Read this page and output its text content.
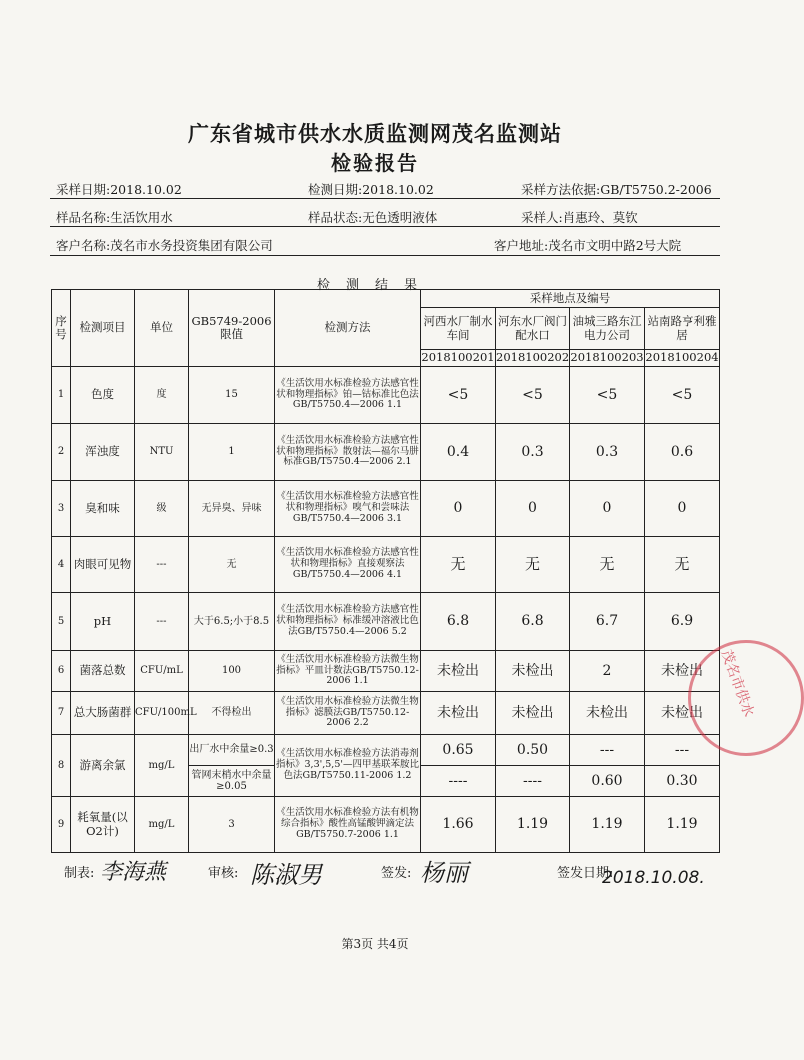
广东省城市供水水质监测网茂名监测站
检验报告
采样日期:2018.10.02	检测日期:2018.10.02	采样方法依据:GB/T5750.2-2006
样品名称:生活饮用水	样品状态:无色透明液体	采样人:肖惠玲、莫钦
客户名称:茂名市水务投资集团有限公司	客户地址:茂名市文明中路2号大院
检测结果
序号	检测项目	单位	GB5749-2006限值	检测方法	采样地点及编号			
					河西水厂制水车间	河东水厂阀门配水口	油城三路东江电力公司	站南路亨利雅居
					2018100201	2018100202	2018100203	2018100204
1	色度	度	15	《生活饮用水标准检验方法感官性状和物理指标》铂—钴标准比色法GB/T5750.4—2006 1.1	<5	<5	<5	<5
2	浑浊度	NTU	1	《生活饮用水标准检验方法感官性状和物理指标》散射法—福尔马肼标准GB/T5750.4—2006 2.1	0.4	0.3	0.3	0.6
3	臭和味	级	无异臭、异味	《生活饮用水标准检验方法感官性状和物理指标》嗅气和尝味法GB/T5750.4—2006 3.1	0	0	0	0
4	肉眼可见物	---	无	《生活饮用水标准检验方法感官性状和物理指标》直接观察法GB/T5750.4—2006 4.1	无	无	无	无
5	pH	---	大于6.5;小于8.5	《生活饮用水标准检验方法感官性状和物理指标》标准缓冲溶液比色法GB/T5750.4—2006 5.2	6.8	6.8	6.7	6.9
6	菌落总数	CFU/mL	100	《生活饮用水标准检验方法微生物指标》平皿计数法GB/T5750.12-2006 1.1	未检出	未检出	2	未检出
7	总大肠菌群	CFU/100mL	不得检出	《生活饮用水标准检验方法微生物指标》滤膜法GB/T5750.12-2006 2.2	未检出	未检出	未检出	未检出
8	游离余氯	mg/L	出厂水中余量≥0.3	《生活饮用水标准检验方法消毒剂指标》3,3',5,5'—四甲基联苯胺比色法GB/T5750.11-2006 1.2	0.65	0.50	---	---
			管网末梢水中余量≥0.05		----	----	0.60	0.30
9	耗氧量(以O2计)	mg/L	3	《生活饮用水标准检验方法有机物综合指标》酸性高锰酸钾滴定法GB/T5750.7-2006 1.1	1.66	1.19	1.19	1.19
制表: 李海燕	审核: 陈淑男	签发: 杨丽	签发日期:
2018.10.08.
第3页 共4页
茂名市供水
